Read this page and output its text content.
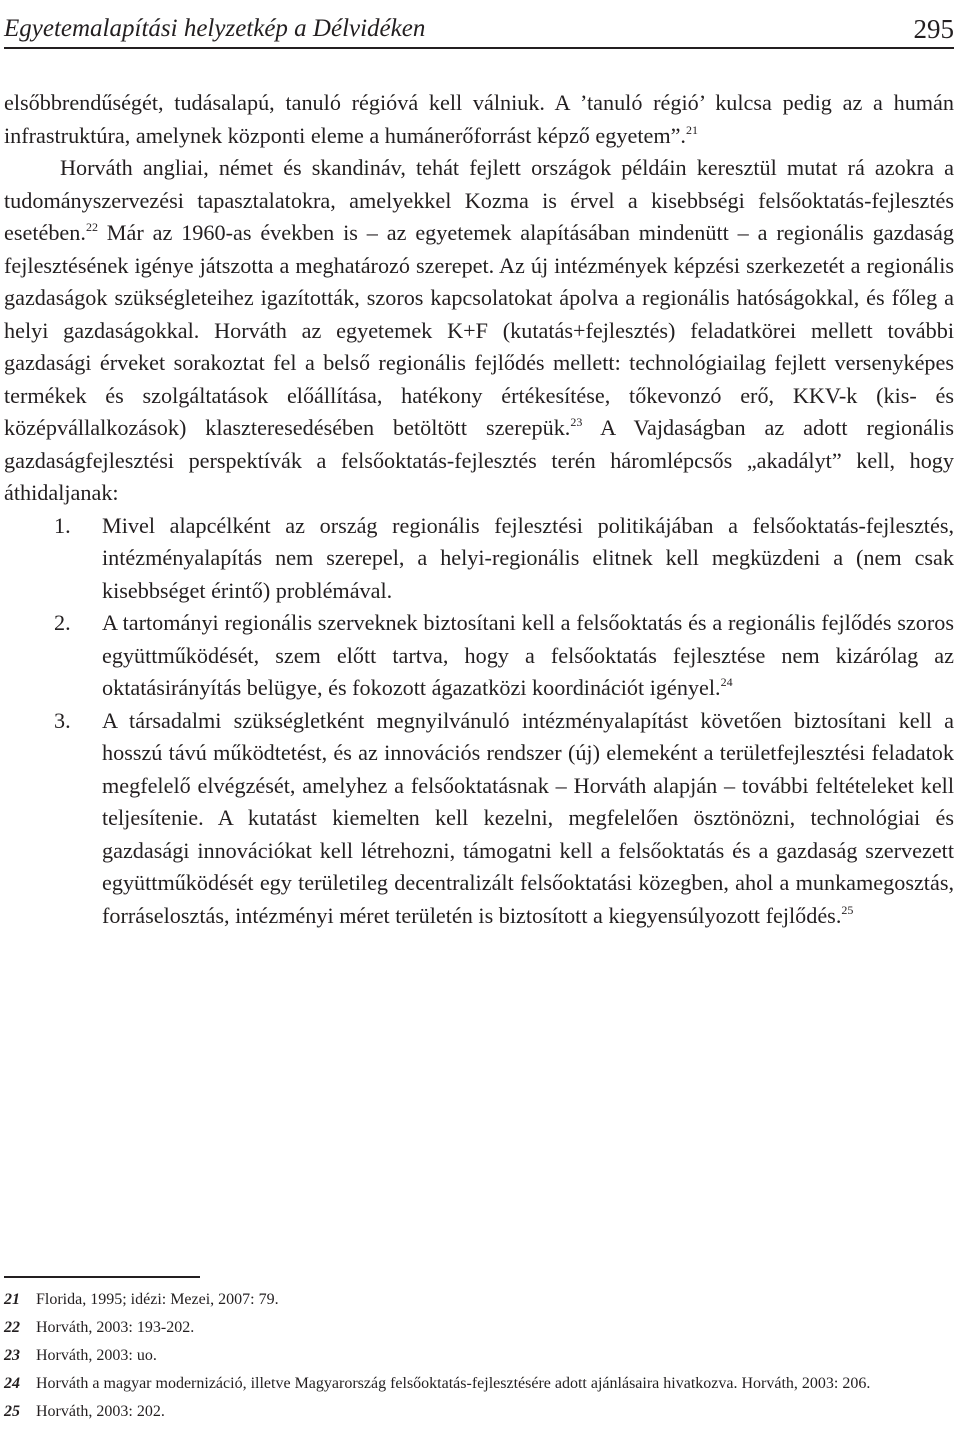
Egyetemalapítási helyzetkép a Délvidéken	295

elsőbbrendűségét, tudásalapú, tanuló régióvá kell válniuk. A ’tanuló régió’ kulcsa pedig az a humán infrastruktúra, amelynek központi eleme a humánerőforrást képző egyetem”.$^{21}$

Horváth angliai, német és skandináv, tehát fejlett országok példáin keresztül mutat rá azokra a tudományszervezési tapasztalatokra, amelyekkel Kozma is érvel a kisebbségi felsőoktatás-fejlesztés esetében.$^{22}$ Már az 1960-as években is – az egyetemek alapításában mindenütt – a regionális gazdaság fejlesztésének igénye játszotta a meghatározó szerepet. Az új intézmények képzési szerkezetét a regionális gazdaságok szükségleteihez igazították, szoros kapcsolatokat ápolva a regionális hatóságokkal, és főleg a helyi gazdaságokkal. Horváth az egyetemek K+F (kutatás+fejlesztés) feladatkörei mellett további gazdasági érveket sorakoztat fel a belső regionális fejlődés mellett: technológiailag fejlett versenyképes termékek és szolgáltatások előállítása, hatékony értékesítése, tőkevonzó erő, KKV-k (kis- és középvállalkozások) klaszteresedésében betöltött szerepük.$^{23}$ A Vajdaságban az adott regionális gazdaságfejlesztési perspektívák a felsőoktatás-fejlesztés terén háromlépcsős „akadályt” kell, hogy áthidaljanak:

1. Mivel alapcélként az ország regionális fejlesztési politikájában a felsőoktatás-fejlesztés, intézményalapítás nem szerepel, a helyi-regionális elitnek kell megküzdeni a (nem csak kisebbséget érintő) problémával.
2. A tartományi regionális szerveknek biztosítani kell a felsőoktatás és a regionális fejlődés szoros együttműködését, szem előtt tartva, hogy a felsőoktatás fejlesztése nem kizárólag az oktatásirányítás belügye, és fokozott ágazatközi koordinációt igényel.$^{24}$
3. A társadalmi szükségletként megnyilvánuló intézményalapítást követően biztosítani kell a hosszú távú működtetést, és az innovációs rendszer (új) elemeként a területfejlesztési feladatok megfelelő elvégzését, amelyhez a felsőoktatásnak – Horváth alapján – további feltételeket kell teljesítenie. A kutatást kiemelten kell kezelni, megfelelően ösztönözni, technológiai és gazdasági innovációkat kell létrehozni, támogatni kell a felsőoktatás és a gazdaság szervezett együttműködését egy területileg decentralizált felsőoktatási közegben, ahol a munkamegosztás, forráselosztás, intézményi méret területén is biztosított a kiegyensúlyozott fejlődés.$^{25}$

21 Florida, 1995; idézi: Mezei, 2007: 79.

22 Horváth, 2003: 193-202.

23 Horváth, 2003: uo.

24 Horváth a magyar modernizáció, illetve Magyarország felsőoktatás-fejlesztésére adott ajánlásaira hivatkozva. Horváth, 2003: 206.

25 Horváth, 2003: 202.
